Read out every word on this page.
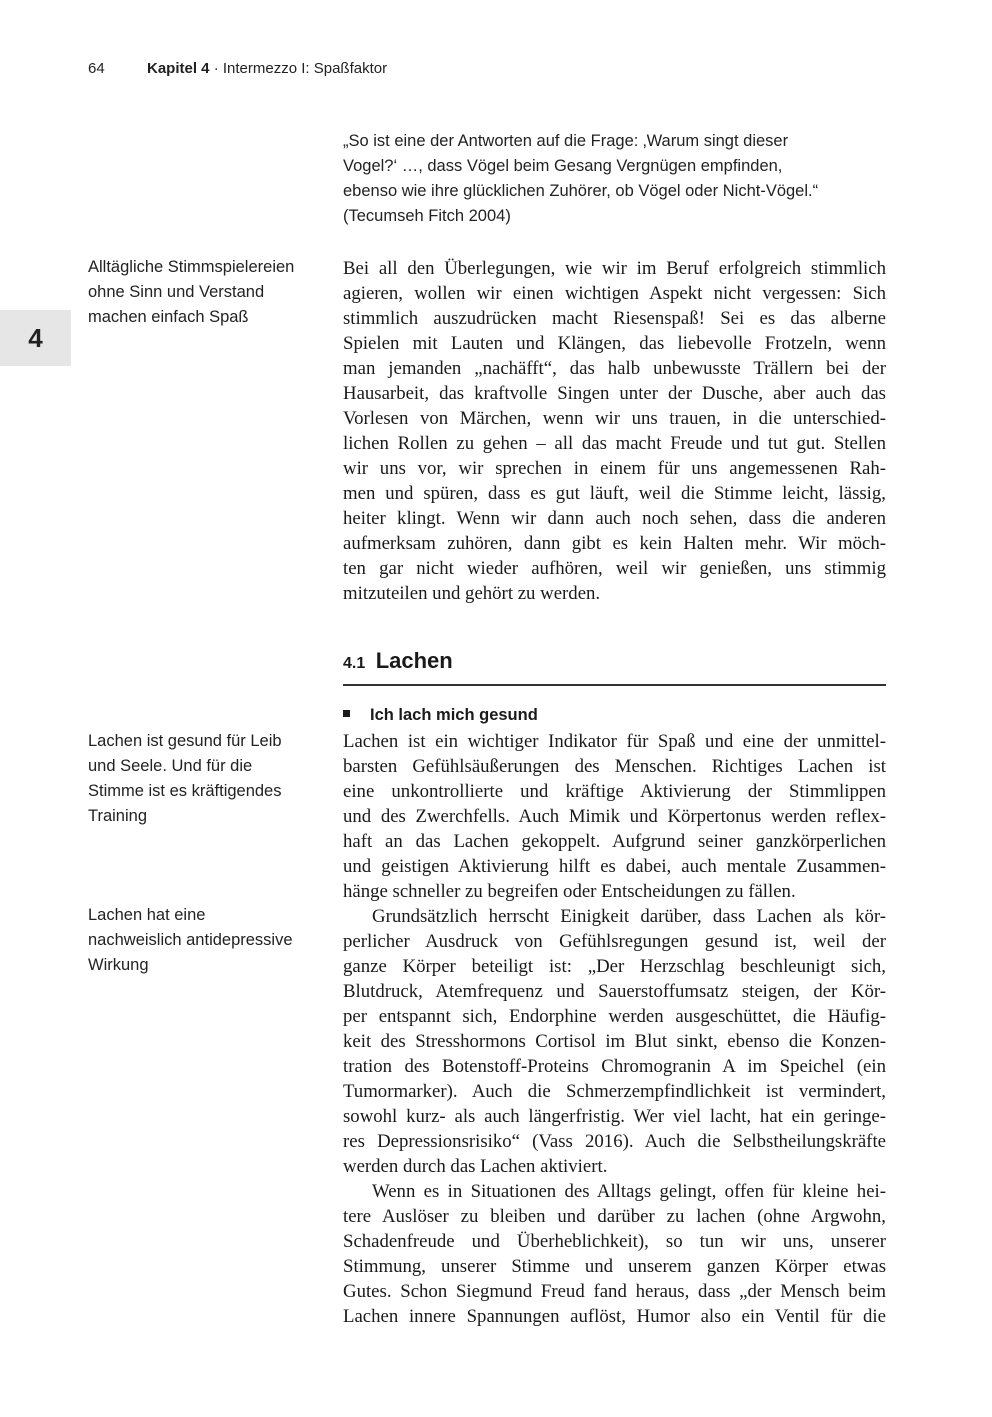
64	Kapitel 4 · Intermezzo I: Spaßfaktor
4
„So ist eine der Antworten auf die Frage: ‚Warum singt dieser
Vogel?‘ …, dass Vögel beim Gesang Vergnügen empfinden,
ebenso wie ihre glücklichen Zuhörer, ob Vögel oder Nicht-Vögel.“
(Tecumseh Fitch 2004)
Alltägliche Stimmspielereien
ohne Sinn und Verstand
machen einfach Spaß
Lachen ist gesund für Leib
und Seele. Und für die
Stimme ist es kräftigendes
Training
Lachen hat eine
nachweislich antidepressive
Wirkung
Bei all den Überlegungen, wie wir im Beruf erfolgreich stimmlich
agieren, wollen wir einen wichtigen Aspekt nicht vergessen: Sich
stimmlich auszudrücken macht Riesenspaß! Sei es das alberne
Spielen mit Lauten und Klängen, das liebevolle Frotzeln, wenn
man jemanden „nachäfft“, das halb unbewusste Trällern bei der
Hausarbeit, das kraftvolle Singen unter der Dusche, aber auch das
Vorlesen von Märchen, wenn wir uns trauen, in die unterschied-
lichen Rollen zu gehen – all das macht Freude und tut gut. Stellen
wir uns vor, wir sprechen in einem für uns angemessenen Rah-
men und spüren, dass es gut läuft, weil die Stimme leicht, lässig,
heiter klingt. Wenn wir dann auch noch sehen, dass die anderen
aufmerksam zuhören, dann gibt es kein Halten mehr. Wir möch-
ten gar nicht wieder aufhören, weil wir genießen, uns stimmig
mitzuteilen und gehört zu werden.
4.1 Lachen
Ich lach mich gesund
Lachen ist ein wichtiger Indikator für Spaß und eine der unmittel-
barsten Gefühlsäußerungen des Menschen. Richtiges Lachen ist
eine unkontrollierte und kräftige Aktivierung der Stimmlippen
und des Zwerchfells. Auch Mimik und Körpertonus werden reflex-
haft an das Lachen gekoppelt. Aufgrund seiner ganzkörperlichen
und geistigen Aktivierung hilft es dabei, auch mentale Zusammen-
hänge schneller zu begreifen oder Entscheidungen zu fällen.
Grundsätzlich herrscht Einigkeit darüber, dass Lachen als kör-
perlicher Ausdruck von Gefühlsregungen gesund ist, weil der
ganze Körper beteiligt ist: „Der Herzschlag beschleunigt sich,
Blutdruck, Atemfrequenz und Sauerstoffumsatz steigen, der Kör-
per entspannt sich, Endorphine werden ausgeschüttet, die Häufig-
keit des Stresshormons Cortisol im Blut sinkt, ebenso die Konzen-
tration des Botenstoff-Proteins Chromogranin A im Speichel (ein
Tumormarker). Auch die Schmerzempfindlichkeit ist vermindert,
sowohl kurz- als auch längerfristig. Wer viel lacht, hat ein geringe-
res Depressionsrisiko“ (Vass 2016). Auch die Selbstheilungskräfte
werden durch das Lachen aktiviert.
Wenn es in Situationen des Alltags gelingt, offen für kleine hei-
tere Auslöser zu bleiben und darüber zu lachen (ohne Argwohn,
Schadenfreude und Überheblichkeit), so tun wir uns, unserer
Stimmung, unserer Stimme und unserem ganzen Körper etwas
Gutes. Schon Siegmund Freud fand heraus, dass „der Mensch beim
Lachen innere Spannungen auflöst, Humor also ein Ventil für die
